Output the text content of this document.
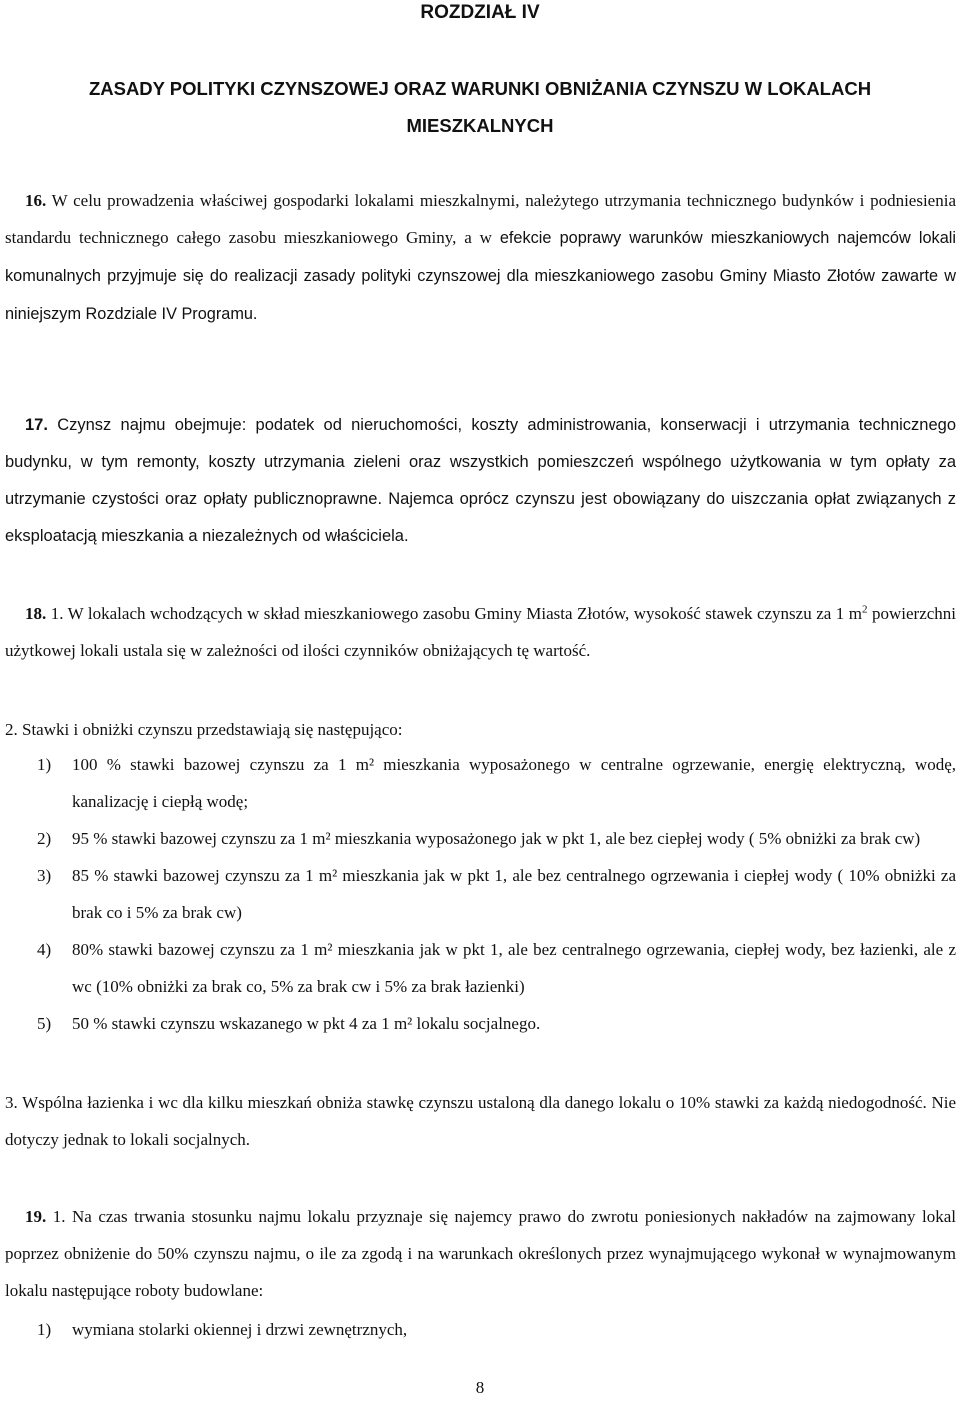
ROZDZIAŁ IV
ZASADY POLITYKI CZYNSZOWEJ ORAZ WARUNKI OBNIŻANIA CZYNSZU W LOKALACH
MIESZKALNYCH

16. W celu prowadzenia właściwej gospodarki lokalami mieszkalnymi, należytego utrzymania technicznego budynków i podniesienia standardu technicznego całego zasobu mieszkaniowego Gminy, a w efekcie poprawy warunków mieszkaniowych najemców lokali komunalnych przyjmuje się do realizacji zasady polityki czynszowej dla mieszkaniowego zasobu Gminy Miasto Złotów zawarte w niniejszym Rozdziale IV Programu.

17. Czynsz najmu obejmuje: podatek od nieruchomości, koszty administrowania, konserwacji i utrzymania technicznego budynku, w tym remonty, koszty utrzymania zieleni oraz wszystkich pomieszczeń wspólnego użytkowania w tym opłaty za utrzymanie czystości oraz opłaty publicznoprawne. Najemca oprócz czynszu jest obowiązany do uiszczania opłat związanych z eksploatacją mieszkania a niezależnych od właściciela.

18. 1. W lokalach wchodzących w skład mieszkaniowego zasobu Gminy Miasta Złotów, wysokość stawek czynszu za 1 $m^2$ powierzchni użytkowej lokali ustala się w zależności od ilości czynników obniżających tę wartość.

2. Stawki i obniżki czynszu przedstawiają się następująco:

1) 100 % stawki bazowej czynszu za 1 m² mieszkania wyposażonego w centralne ogrzewanie, energię elektryczną, wodę, kanalizację i ciepłą wodę;
2) 95 % stawki bazowej czynszu za 1 m² mieszkania wyposażonego jak w pkt 1, ale bez ciepłej wody ( 5% obniżki za brak cw)
3) 85 % stawki bazowej czynszu za 1 m² mieszkania jak w pkt 1, ale bez centralnego ogrzewania i ciepłej wody ( 10% obniżki za brak co i 5% za brak cw)
4) 80% stawki bazowej czynszu za 1 m² mieszkania jak w pkt 1, ale bez centralnego ogrzewania, ciepłej wody, bez łazienki, ale z wc (10% obniżki za brak co, 5% za brak cw i 5% za brak łazienki)
5) 50 % stawki czynszu wskazanego w pkt 4 za 1 m² lokalu socjalnego.

3. Wspólna łazienka i wc dla kilku mieszkań obniża stawkę czynszu ustaloną dla danego lokalu o 10% stawki za każdą niedogodność. Nie dotyczy jednak to lokali socjalnych.

19. 1. Na czas trwania stosunku najmu lokalu przyznaje się najemcy prawo do zwrotu poniesionych nakładów na zajmowany lokal poprzez obniżenie do 50% czynszu najmu, o ile za zgodą i na warunkach określonych przez wynajmującego wykonał w wynajmowanym lokalu następujące roboty budowlane:

1) wymiana stolarki okiennej i drzwi zewnętrznych,
8
